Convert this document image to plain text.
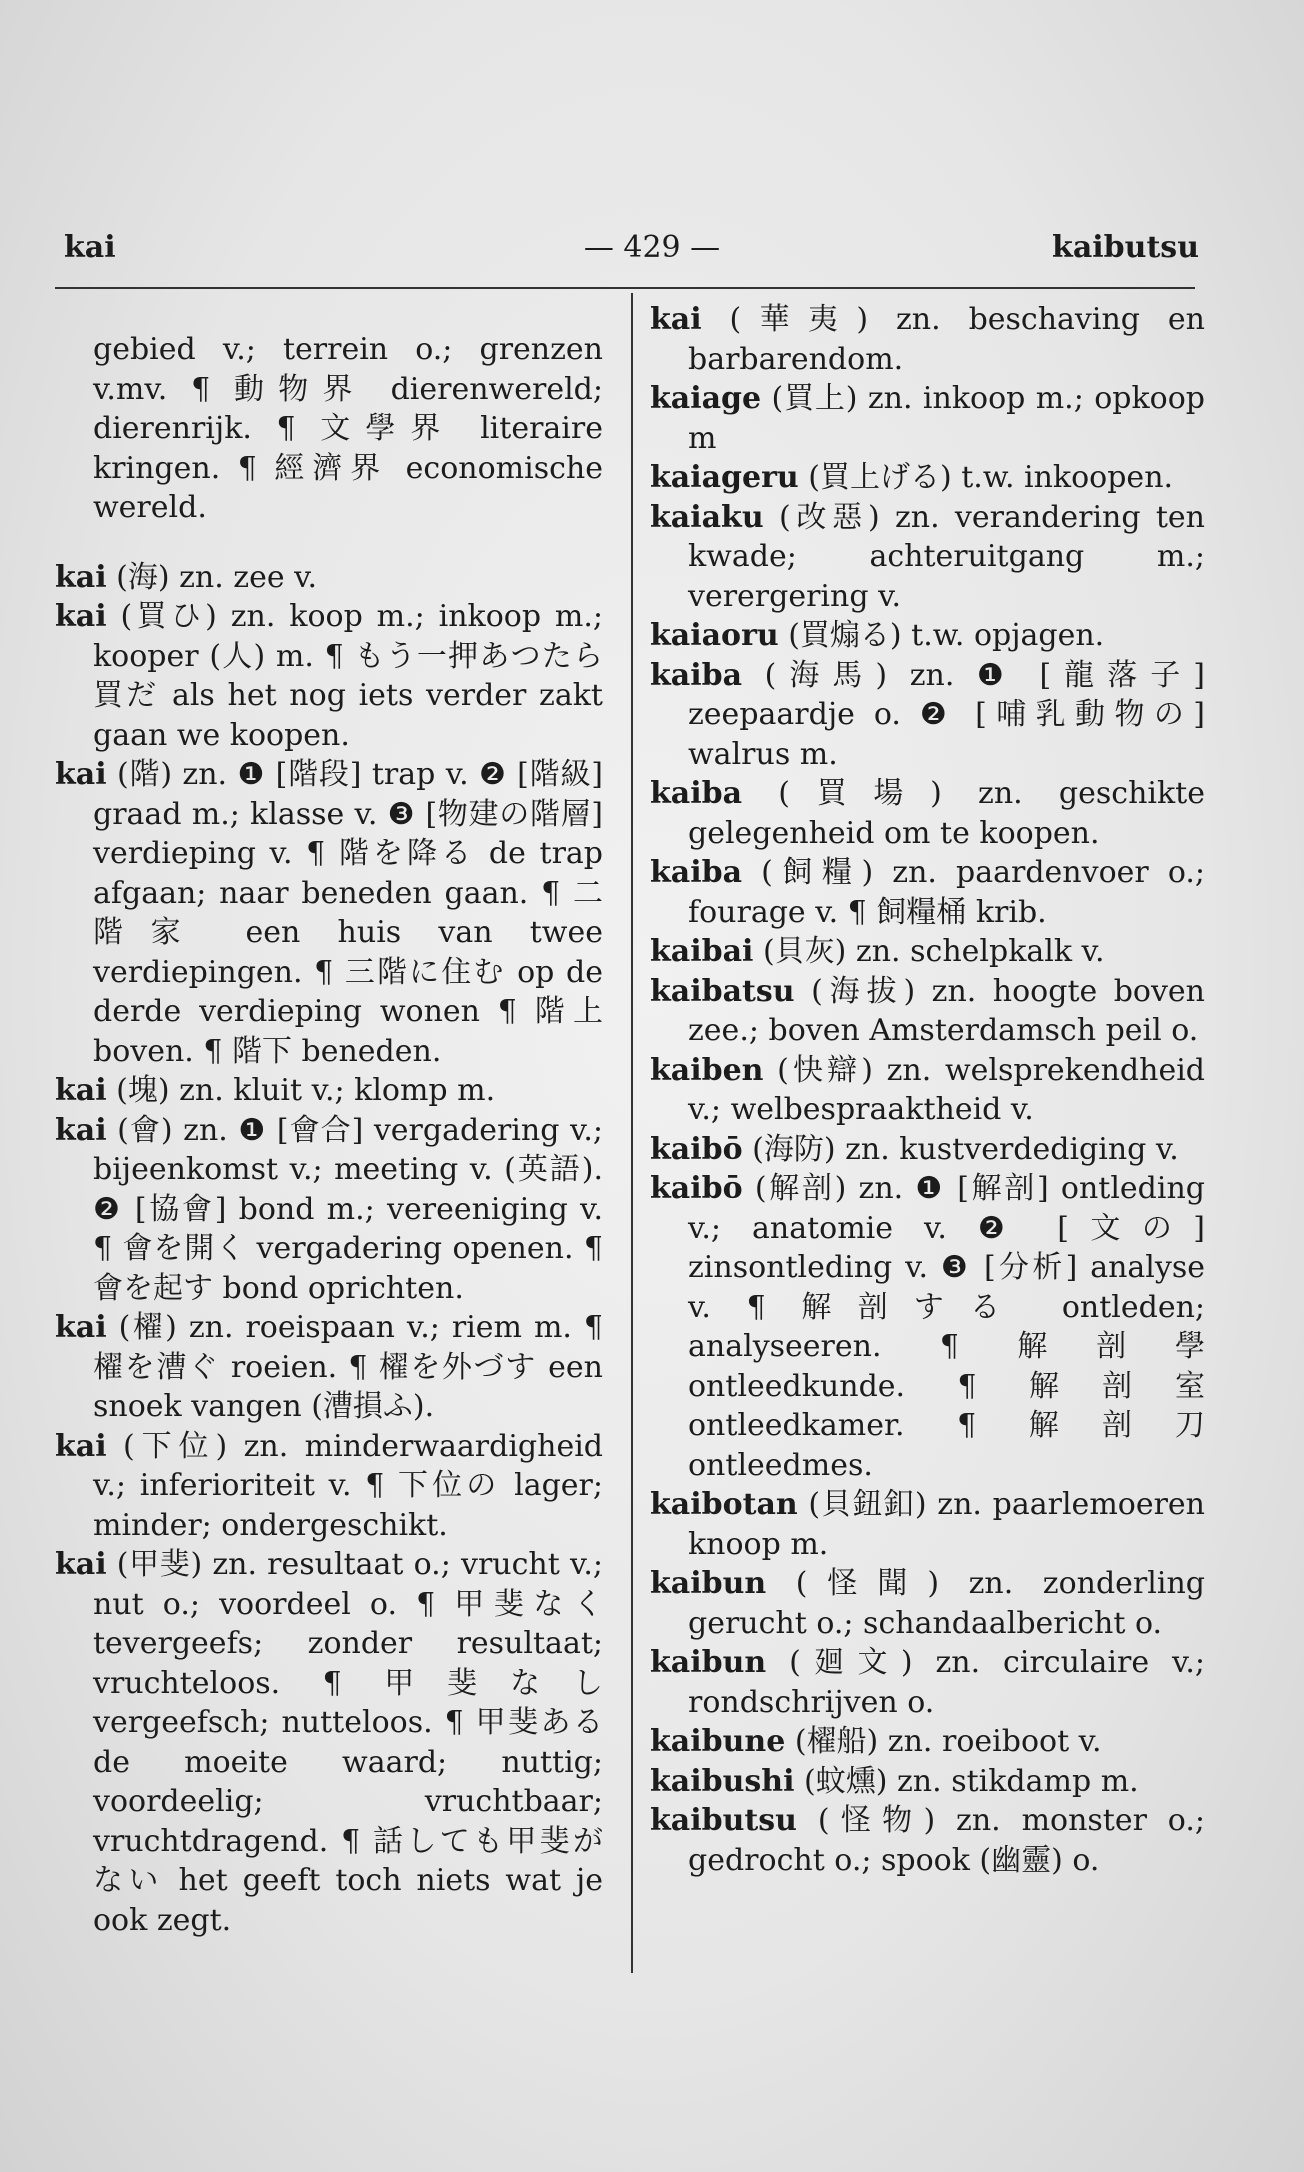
kai	— 429 —	kaibutsu

gebied v.; terrein o.; grenzen v.mv. ¶ 動物界 dierenwereld; dierenrijk. ¶ 文學界 literaire kringen. ¶ 經濟界 economische wereld.

kai (海) zn. zee v.

kai (買ひ) zn. koop m.; inkoop m.; kooper (人) m. ¶ もう一押あつたら買だ als het nog iets verder zakt gaan we koopen.

kai (階) zn. ❶ [階段] trap v. ❷ [階級] graad m.; klasse v. ❸ [物建の階層] verdieping v. ¶ 階を降る de trap afgaan; naar beneden gaan. ¶ 二階家 een huis van twee verdiepingen. ¶ 三階に住む op de derde verdieping wonen ¶ 階上 boven. ¶ 階下 beneden.

kai (塊) zn. kluit v.; klomp m.

kai (會) zn. ❶ [會合] vergadering v.; bijeenkomst v.; meeting v. (英語). ❷ [協會] bond m.; vereeniging v. ¶ 會を開く vergadering openen. ¶ 會を起す bond oprichten.

kai (櫂) zn. roeispaan v.; riem m. ¶ 櫂を漕ぐ roeien. ¶ 櫂を外づす een snoek vangen (漕損ふ).

kai (下位) zn. minderwaardigheid v.; inferioriteit v. ¶ 下位の lager; minder; ondergeschikt.

kai (甲斐) zn. resultaat o.; vrucht v.; nut o.; voordeel o. ¶ 甲斐なく tevergeefs; zonder resultaat; vruchteloos. ¶ 甲斐なし vergeefsch; nutteloos. ¶ 甲斐ある de moeite waard; nuttig; voordeelig; vruchtbaar; vruchtdragend. ¶ 話しても甲斐がない het geeft toch niets wat je ook zegt.

kai (華夷) zn. beschaving en barbarendom.

kaiage (買上) zn. inkoop m.; opkoop m

kaiageru (買上げる) t.w. inkoopen.

kaiaku (改惡) zn. verandering ten kwade; achteruitgang m.; verergering v.

kaiaoru (買煽る) t.w. opjagen.

kaiba (海馬) zn. ❶ [龍落子] zeepaardje o. ❷ [哺乳動物の] walrus m.

kaiba (買場) zn. geschikte gelegenheid om te koopen.

kaiba (飼糧) zn. paardenvoer o.; fourage v. ¶ 飼糧桶 krib.

kaibai (貝灰) zn. schelpkalk v.

kaibatsu (海拔) zn. hoogte boven zee.; boven Amsterdamsch peil o.

kaiben (快辯) zn. welsprekendheid v.; welbespraaktheid v.

kaibō (海防) zn. kustverdediging v.

kaibō (解剖) zn. ❶ [解剖] ontleding v.; anatomie v. ❷ [文の] zinsontleding v. ❸ [分析] analyse v. ¶ 解剖する ontleden; analyseeren. ¶ 解剖學 ontleedkunde. ¶ 解剖室 ontleedkamer. ¶ 解剖刀 ontleedmes.

kaibotan (貝鈕釦) zn. paarlemoeren knoop m.

kaibun (怪聞) zn. zonderling gerucht o.; schandaalbericht o.

kaibun (廻文) zn. circulaire v.; rondschrijven o.

kaibune (櫂船) zn. roeiboot v.

kaibushi (蚊燻) zn. stikdamp m.

kaibutsu (怪物) zn. monster o.; gedrocht o.; spook (幽靈) o.
